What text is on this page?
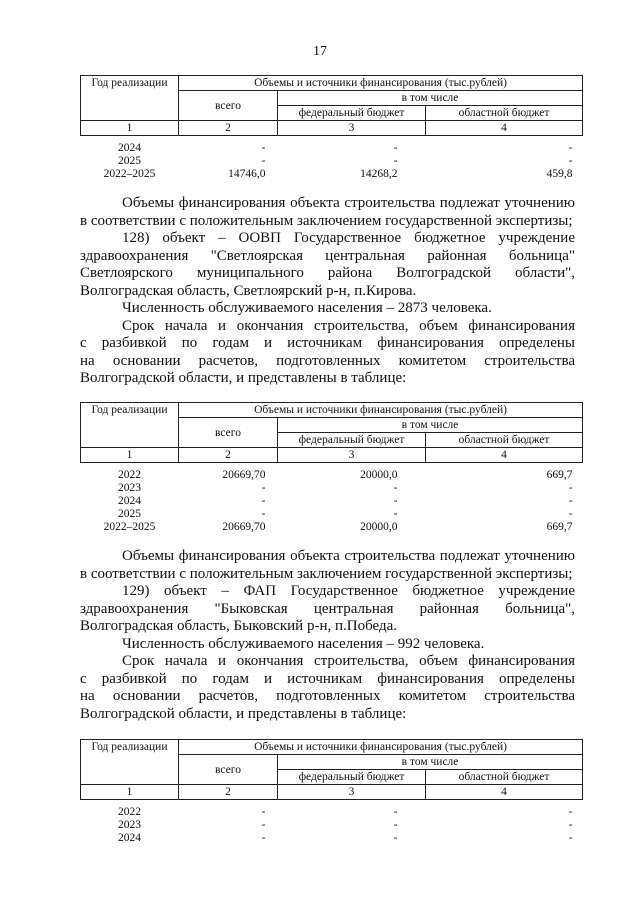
17
Год реализации	Объемы и источники финансирования (тыс.рублей)		
	всего	в том числе	
		федеральный бюджет	областной бюджет
1	2	3	4

2024	-	-	-
2025	-	-	-
2022–2025	14746,0	14268,2	459,8

Объемы финансирования объекта строительства подлежат уточнению

в соответствии с положительным заключением государственной экспертизы;

128) объект – ООВП Государственное бюджетное учреждение

здравоохранения "Светлоярская центральная районная больница"

Светлоярского муниципального района Волгоградской области",

Волгоградская область, Светлоярский р-н, п.Кирова.

Численность обслуживаемого населения – 2873 человека.

Срок начала и окончания строительства, объем финансирования

с разбивкой по годам и источникам финансирования определены

на основании расчетов, подготовленных комитетом строительства

Волгоградской области, и представлены в таблице:

Год реализации	Объемы и источники финансирования (тыс.рублей)		
	всего	в том числе	
		федеральный бюджет	областной бюджет
1	2	3	4

2022	20669,70	20000,0	669,7
2023	-	-	-
2024	-	-	-
2025	-	-	-
2022–2025	20669,70	20000,0	669,7

Объемы финансирования объекта строительства подлежат уточнению

в соответствии с положительным заключением государственной экспертизы;

129) объект – ФАП Государственное бюджетное учреждение

здравоохранения "Быковская центральная районная больница",

Волгоградская область, Быковский р-н, п.Победа.

Численность обслуживаемого населения – 992 человека.

Срок начала и окончания строительства, объем финансирования

с разбивкой по годам и источникам финансирования определены

на основании расчетов, подготовленных комитетом строительства

Волгоградской области, и представлены в таблице:

Год реализации	Объемы и источники финансирования (тыс.рублей)		
	всего	в том числе	
		федеральный бюджет	областной бюджет
1	2	3	4

2022	-	-	-
2023	-	-	-
2024	-	-	-
